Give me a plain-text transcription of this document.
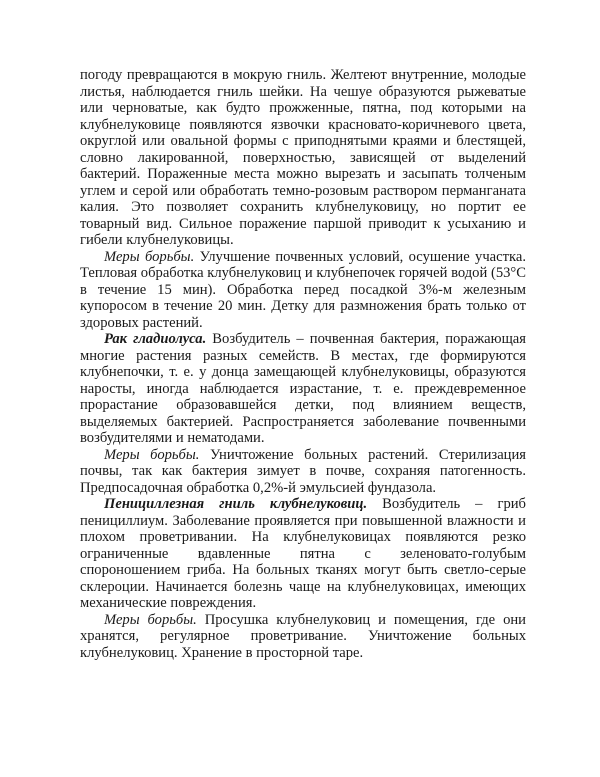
погоду превращаются в мокрую гниль. Желтеют внутренние, молодые листья, наблюдается гниль шейки. На чешуе образуются рыжеватые или черноватые, как будто прожженные, пятна, под которыми на клубнелуковице появляются язвочки красновато-коричневого цвета, округлой или овальной формы с приподнятыми краями и блестящей, словно лакированной, поверхностью, зависящей от выделений бактерий. Пораженные места можно вырезать и засыпать толченым углем и серой или обработать темно-розовым раствором перманганата калия. Это позволяет сохранить клубнелуковицу, но портит ее товарный вид. Сильное поражение паршой приводит к усыханию и гибели клубнелуковицы.

Меры борьбы. Улучшение почвенных условий, осушение участка. Тепловая обработка клубнелуковиц и клубнепочек горячей водой (53°С в течение 15 мин). Обработка перед посадкой 3%-м железным купоросом в течение 20 мин. Детку для размножения брать только от здоровых растений.

Рак гладиолуса. Возбудитель – почвенная бактерия, поражающая многие растения разных семейств. В местах, где формируются клубнепочки, т. е. у донца замещающей клубнелуковицы, образуются наросты, иногда наблюдается израстание, т. е. преждевременное прорастание образовавшейся детки, под влиянием веществ, выделяемых бактерией. Распространяется заболевание почвенными возбудителями и нематодами.

Меры борьбы. Уничтожение больных растений. Стерилизация почвы, так как бактерия зимует в почве, сохраняя патогенность. Предпосадочная обработка 0,2%-й эмульсией фундазола.

Пенициллезная гниль клубнелуковиц. Возбудитель – гриб пенициллиум. Заболевание проявляется при повышенной влажности и плохом проветривании. На клубнелуковицах появляются резко ограниченные вдавленные пятна с зеленовато-голубым спороношением гриба. На больных тканях могут быть светло-серые склероции. Начинается болезнь чаще на клубнелуковицах, имеющих механические повреждения.

Меры борьбы. Просушка клубнелуковиц и помещения, где они хранятся, регулярное проветривание. Уничтожение больных клубнелуковиц. Хранение в просторной таре.
